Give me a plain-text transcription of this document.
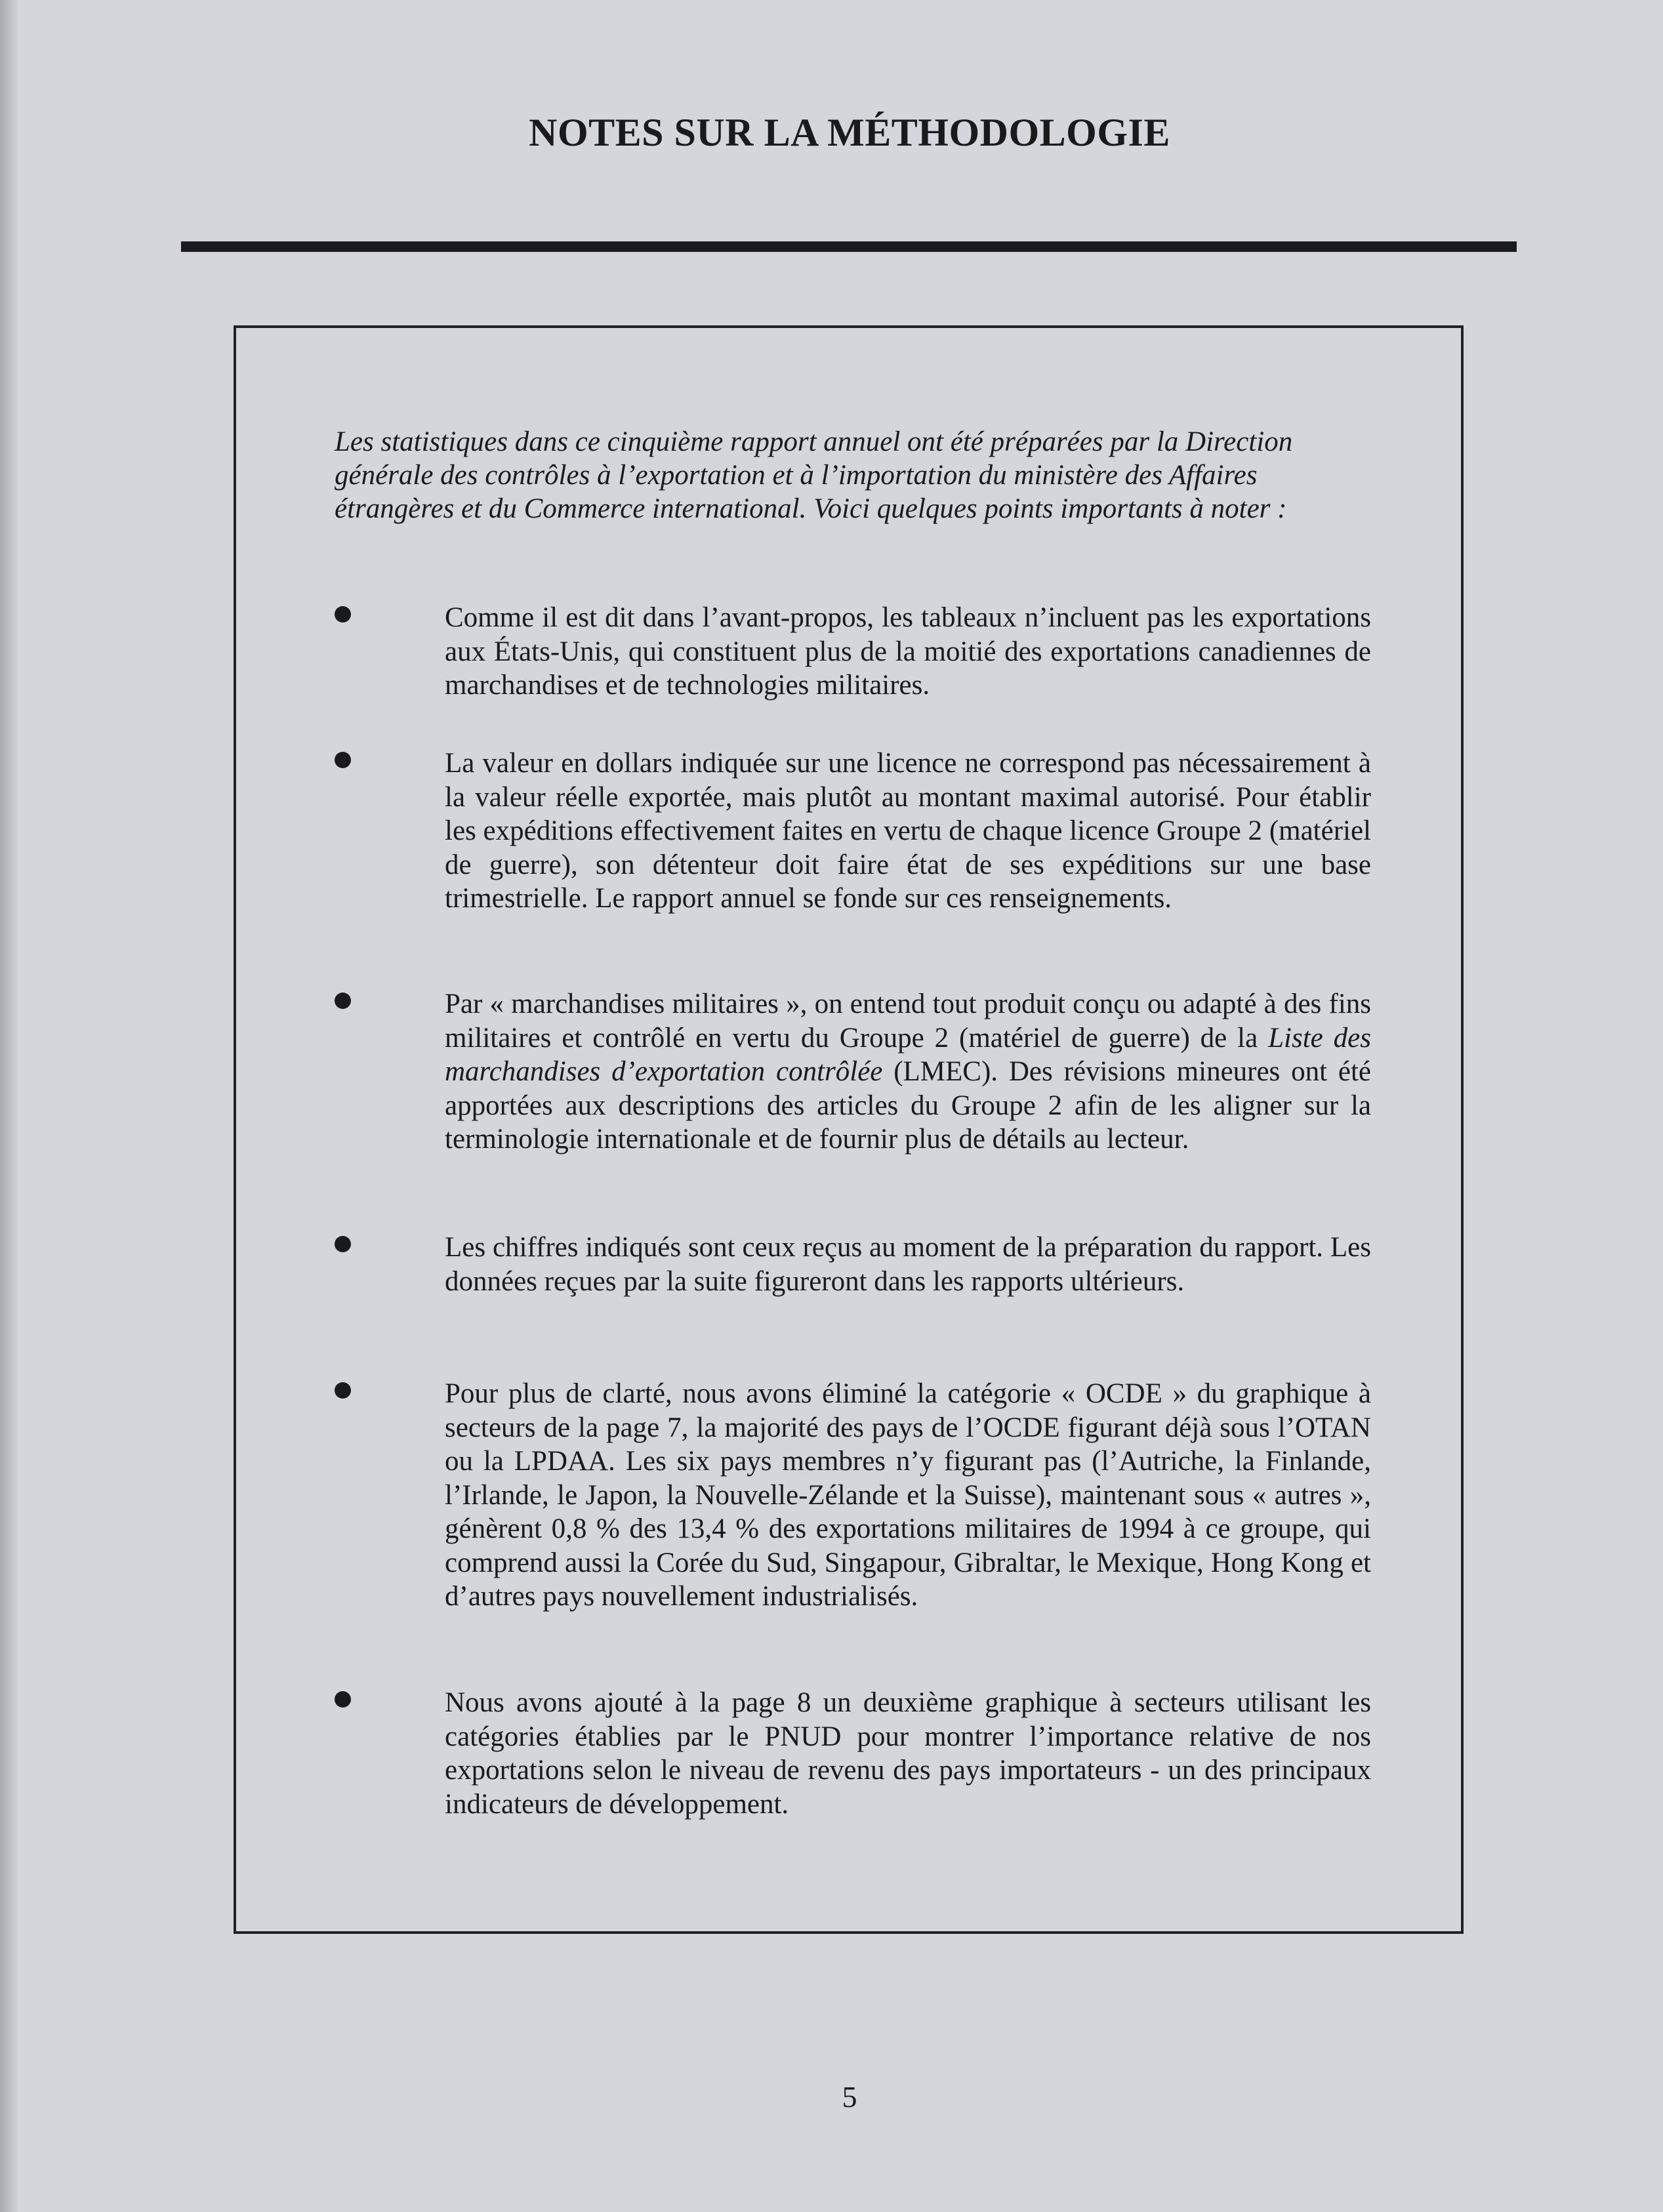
NOTES SUR LA MÉTHODOLOGIE

Les statistiques dans ce cinquième rapport annuel ont été préparées par la Direction générale des contrôles à l’exportation et à l’importation du ministère des Affaires étrangères et du Commerce international. Voici quelques points importants à noter :

Comme il est dit dans l’avant-propos, les tableaux n’incluent pas les exportations aux États-Unis, qui constituent plus de la moitié des exportations canadiennes de marchandises et de technologies militaires.

La valeur en dollars indiquée sur une licence ne correspond pas nécessairement à la valeur réelle exportée, mais plutôt au montant maximal autorisé. Pour établir les expéditions effectivement faites en vertu de chaque licence Groupe 2 (matériel de guerre), son détenteur doit faire état de ses expéditions sur une base trimestrielle. Le rapport annuel se fonde sur ces renseignements.

Par « marchandises militaires », on entend tout produit conçu ou adapté à des fins militaires et contrôlé en vertu du Groupe 2 (matériel de guerre) de la Liste des marchandises d’exportation contrôlée (LMEC). Des révisions mineures ont été apportées aux descriptions des articles du Groupe 2 afin de les aligner sur la terminologie internationale et de fournir plus de détails au lecteur.

Les chiffres indiqués sont ceux reçus au moment de la préparation du rapport. Les données reçues par la suite figureront dans les rapports ultérieurs.

Pour plus de clarté, nous avons éliminé la catégorie « OCDE » du graphique à secteurs de la page 7, la majorité des pays de l’OCDE figurant déjà sous l’OTAN ou la LPDAA. Les six pays membres n’y figurant pas (l’Autriche, la Finlande, l’Irlande, le Japon, la Nouvelle-Zélande et la Suisse), maintenant sous « autres », génèrent 0,8 % des 13,4 % des exportations militaires de 1994 à ce groupe, qui comprend aussi la Corée du Sud, Singapour, Gibraltar, le Mexique, Hong Kong et d’autres pays nouvellement industrialisés.

Nous avons ajouté à la page 8 un deuxième graphique à secteurs utilisant les catégories établies par le PNUD pour montrer l’importance relative de nos exportations selon le niveau de revenu des pays importateurs - un des principaux indicateurs de développement.

5
